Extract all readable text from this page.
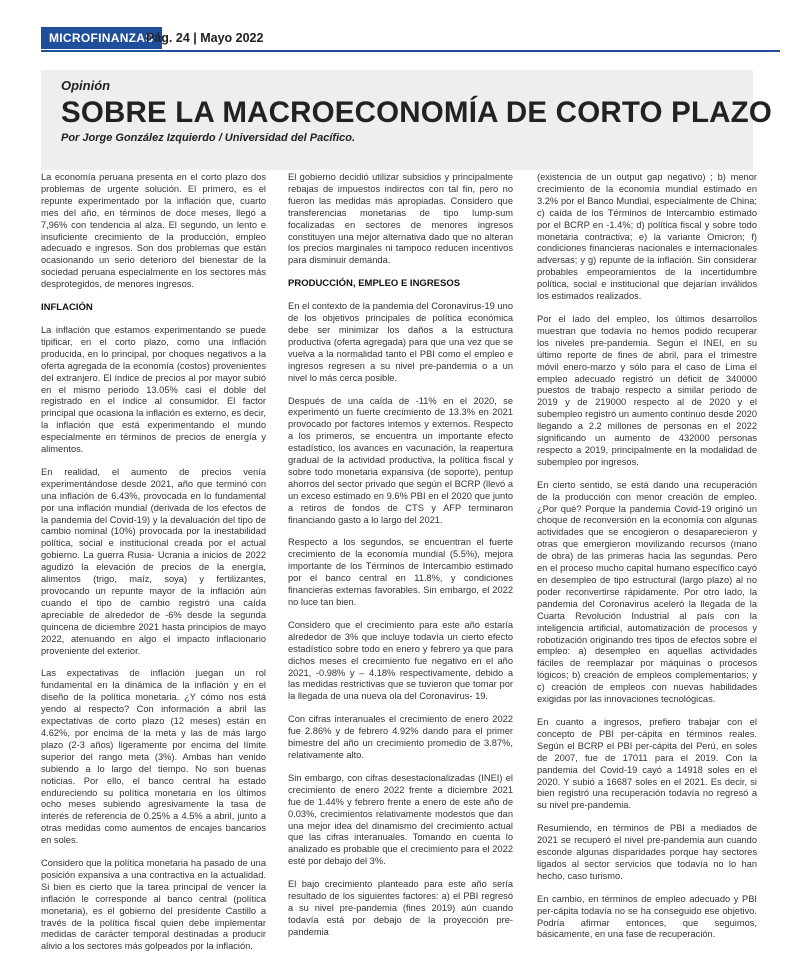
MICROFINANZAS
Pág. 24 | Mayo 2022
Opinión
SOBRE LA MACROECONOMÍA DE CORTO PLAZO
Por Jorge González Izquierdo / Universidad del Pacífico.

La economía peruana presenta en el corto plazo dos problemas de urgente solución. El primero, es el repunte experimentado por la inflación que, cuarto mes del año, en términos de doce meses, llegó a 7,96% con tendencia al alza. El segundo, un lento e insuficiente crecimiento de la producción, empleo adecuado e ingresos. Son dos problemas que están ocasionando un serio deterioro del bienestar de la sociedad peruana especialmente en los sectores más desprotegidos, de menores ingresos.

INFLACIÓN

La inflación que estamos experimentando se puede tipificar, en el corto plazo, como una inflación producida, en lo principal, por choques negativos a la oferta agregada de la economía (costos) provenientes del extranjero. El índice de precios al por mayor subió en el mismo periodo 13.05% casi el doble del registrado en el índice al consumidor. El factor principal que ocasiona la inflación es externo, es decir, la inflación que está experimentando el mundo especialmente en términos de precios de energía y alimentos.

En realidad, el aumento de precios venía experimentándose desde 2021, año que terminó con una inflación de 6.43%, provocada en lo fundamental por una inflación mundial (derivada de los efectos de la pandemia del Covid-19) y la devaluación del tipo de cambio nominal (10%) provocada por la inestabilidad política, social e institucional creada por el actual gobierno. La guerra Rusia- Ucrania a inicios de 2022 agudizó la elevación de precios de la energía, alimentos (trigo, maíz, soya) y fertilizantes, provocando un repunte mayor de la inflación aún cuando el tipo de cambio registró una caída apreciable de alrededor de -6% desde la segunda quincena de diciembre 2021 hasta principios de mayo 2022, atenuando en algo el impacto inflacionario proveniente del exterior.

Las expectativas de inflación juegan un rol fundamental en la dinámica de la inflación y en el diseño de la política monetaria. ¿Y cómo nos está yendo al respecto? Con información a abril las expectativas de corto plazo (12 meses) están en 4.62%, por encima de la meta y las de más largo plazo (2-3 años) ligeramente por encima del límite superior del rango meta (3%). Ambas han venido subiendo a lo largo del tiempo. No son buenas noticias. Por ello, el banco central ha estado endureciendo su política monetaria en los últimos ocho meses subiendo agresivamente la tasa de interés de referencia de 0.25% a 4.5% a abril, junto a otras medidas como aumentos de encajes bancarios en soles.

Considero que la política monetaria ha pasado de una posición expansiva a una contractiva en la actualidad. Si bien es cierto que la tarea principal de vencer la inflación le corresponde al banco central (política monetaria), es el gobierno del presidente Castillo a través de la política fiscal quien debe implementar medidas de carácter temporal destinadas a producir alivio a los sectores más golpeados por la inflación.

El gobierno decidió utilizar subsidios y principalmente rebajas de impuestos indirectos con tal fin, pero no fueron las medidas más apropiadas. Considero que transferencias monetarias de tipo lump-sum focalizadas en sectores de menores ingresos constituyen una mejor alternativa dado que no alteran los precios marginales ni tampoco reducen incentivos para disminuir demanda.

PRODUCCIÓN, EMPLEO E INGRESOS

En el contexto de la pandemia del Coronavirus-19 uno de los objetivos principales de política económica debe ser minimizar los daños a la estructura productiva (oferta agregada) para que una vez que se vuelva a la normalidad tanto el PBI como el empleo e ingresos regresen a su nivel pre-pandemia o a un nivel lo más cerca posible.

Después de una caída de -11% en el 2020, se experimentó un fuerte crecimiento de 13.3% en 2021 provocado por factores internos y externos. Respecto a los primeros, se encuentra un importante efecto estadístico, los avances en vacunación, la reapertura gradual de la actividad productiva, la política fiscal y sobre todo monetaria expansiva (de soporte), pentup ahorros del sector privado que según el BCRP (llevó a un exceso estimado en 9.6% PBI en el 2020 que junto a retiros de fondos de CTS y AFP terminaron financiando gasto a lo largo del 2021.

Respecto a los segundos, se encuentran el fuerte crecimiento de la economía mundial (5.5%), mejora importante de los Términos de Intercambio estimado por el banco central en 11.8%, y condiciones financieras externas favorables. Sin embargo, el 2022 no luce tan bien.

Considero que el crecimiento para este año estaría alrededor de 3% que incluye todavía un cierto efecto estadístico sobre todo en enero y febrero ya que para dichos meses el crecimiento fue negativo en el año 2021, -0.98% y – 4.18% respectivamente, debido a las medidas restrictivas que se tuvieron que tomar por la llegada de una nueva ola del Coronavirus- 19.

Con cifras interanuales el crecimiento de enero 2022 fue 2.86% y de febrero 4.92% dando para el primer bimestre del año un crecimiento promedio de 3.87%, relativamente alto.

Sin embargo, con cifras desestacionalizadas (INEI) el crecimiento de enero 2022 frente a diciembre 2021 fue de 1.44% y febrero frente a enero de este año de 0.03%, crecimientos relativamente modestos que dan una mejor idea del dinamismo del crecimiento actual que las cifras interanuales. Tomando en cuenta lo analizado es probable que el crecimiento para el 2022 esté por debajo del 3%.

El bajo crecimiento planteado para este año sería resultado de los siguientes factores: a) el PBI regresó a su nivel pre-pandemia (fines 2019) aún cuando todavía está por debajo de la proyección pre-pandemia

(existencia de un output gap negativo) ; b) menor crecimiento de la economía mundial estimado en 3.2% por el Banco Mundial, especialmente de China; c) caída de los Términos de Intercambio estimado por el BCRP en -1.4%; d) política fiscal y sobre todo monetaria contractiva; e) la variante Omicron; f) condiciones financieras nacionales e internacionales adversas; y g) repunte de la inflación. Sin considerar probables empeoramientos de la incertidumbre política, social e institucional que dejarían inválidos los estimados realizados.

Por el lado del empleo, los últimos desarrollos muestran que todavía no hemos podido recuperar los niveles pre-pandemia. Según el INEI, en su último reporte de fines de abril, para el trimestre móvil enero-marzo y sólo para el caso de Lima el empleo adecuado registró un déficit de 340000 puestos de trabajo respecto a similar periodo de 2019 y de 219000 respecto al de 2020 y el subempleo registró un aumento continuo desde 2020 llegando a 2.2 millones de personas en el 2022 significando un aumento de 432000 personas respecto a 2019, principalmente en la modalidad de subempleo por ingresos.

En cierto sentido, se está dando una recuperación de la producción con menor creación de empleo. ¿Por qué? Porque la pandemia Covid-19 originó un choque de reconversión en la economía con algunas actividades que se encogieron o desaparecieron y otras que emergieron movilizando recursos (mano de obra) de las primeras hacia las segundas. Pero en el proceso mucho capital humano específico cayó en desempleo de tipo estructural (largo plazo) al no poder reconvertirse rápidamente. Por otro lado, la pandemia del Coronavirus aceleró la llegada de la Cuarta Revolución Industrial al país con la inteligencia artificial, automatización de procesos y robotización originando tres tipos de efectos sobre el empleo: a) desempleo en aquellas actividades fáciles de reemplazar por máquinas o procesos lógicos; b) creación de empleos complementarios; y c) creación de empleos con nuevas habilidades exigidas por las innovaciones tecnológicas.

En cuanto a ingresos, prefiero trabajar con el concepto de PBI per-cápita en términos reales. Según el BCRP el PBI per-cápita del Perú, en soles de 2007, fue de 17011 para el 2019. Con la pandemia del Covid-19 cayó a 14918 soles en el 2020. Y subió a 16687 soles en el 2021. Es decir, si bien registró una recuperación todavía no regresó a su nivel pre-pandemia.

Resumiendo, en términos de PBI a mediados de 2021 se recuperó el nivel pre-pandemia aun cuando esconde algunas disparidades porque hay sectores ligados al sector servicios que todavía no lo han hecho, caso turismo.

En cambio, en términos de empleo adecuado y PBI per-cápita todavía no se ha conseguido ese objetivo. Podría afirmar entonces, que seguimos, básicamente, en una fase de recuperación.
